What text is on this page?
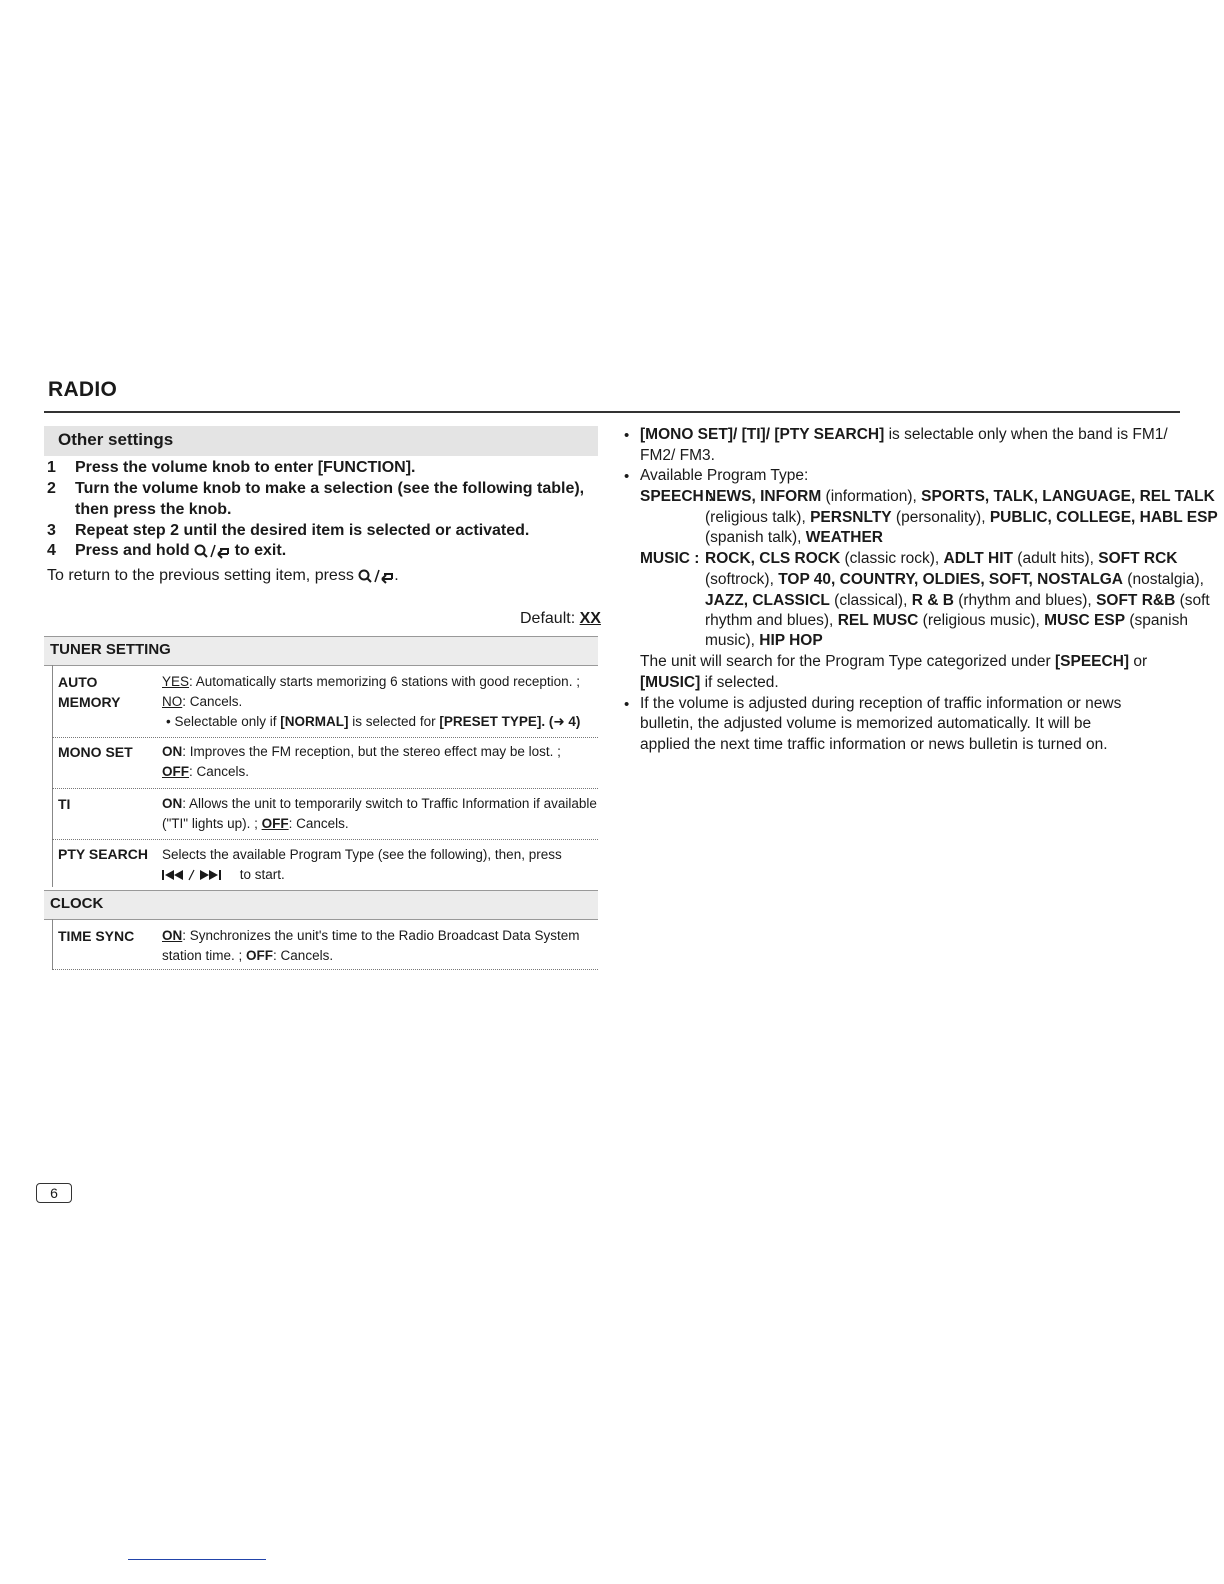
RADIO
Other settings
1 Press the volume knob to enter [FUNCTION].
2 Turn the volume knob to make a selection (see the following table),
then press the knob.
3 Repeat step 2 until the desired item is selected or activated.
4 Press and hold  to exit.
To return to the previous setting item, press .
Default: XX
TUNER SETTING
AUTO
MEMORY
YES: Automatically starts memorizing 6 stations with good reception. ;
NO: Cancels.
• Selectable only if [NORMAL] is selected for [PRESET TYPE]. (➜ 4)
MONO SET ON: Improves the FM reception, but the stereo effect may be lost. ;
OFF: Cancels.
TI	ON: Allows the unit to temporarily switch to Traffic Information if available
("TI" lights up). ; OFF: Cancels.
PTY SEARCH Selects the available Program Type (see the following), then, press
to start.
CLOCK
TIME SYNC ON: Synchronizes the unit's time to the Radio Broadcast Data System
station time. ; OFF: Cancels.
• [MONO SET]/ [TI]/ [PTY SEARCH] is selectable only when the band is FM1/
FM2/ FM3.
• Available Program Type:
SPEECH :
NEWS, INFORM (information), SPORTS, TALK, LANGUAGE, REL TALK
(religious talk), PERSNLTY (personality), PUBLIC, COLLEGE, HABL ESP
(spanish talk), WEATHER
MUSIC : ROCK, CLS ROCK (classic rock), ADLT HIT (adult hits), SOFT RCK
(softrock), TOP 40, COUNTRY, OLDIES, SOFT, NOSTALGA (nostalgia),
JAZZ, CLASSICL (classical), R & B (rhythm and blues), SOFT R&B (soft
rhythm and blues), REL MUSC (religious music), MUSC ESP (spanish
music), HIP HOP
The unit will search for the Program Type categorized under [SPEECH] or
[MUSIC] if selected.
• If the volume is adjusted during reception of traffic information or news
bulletin, the adjusted volume is memorized automatically. It will be
applied the next time traffic information or news bulletin is turned on.
6
